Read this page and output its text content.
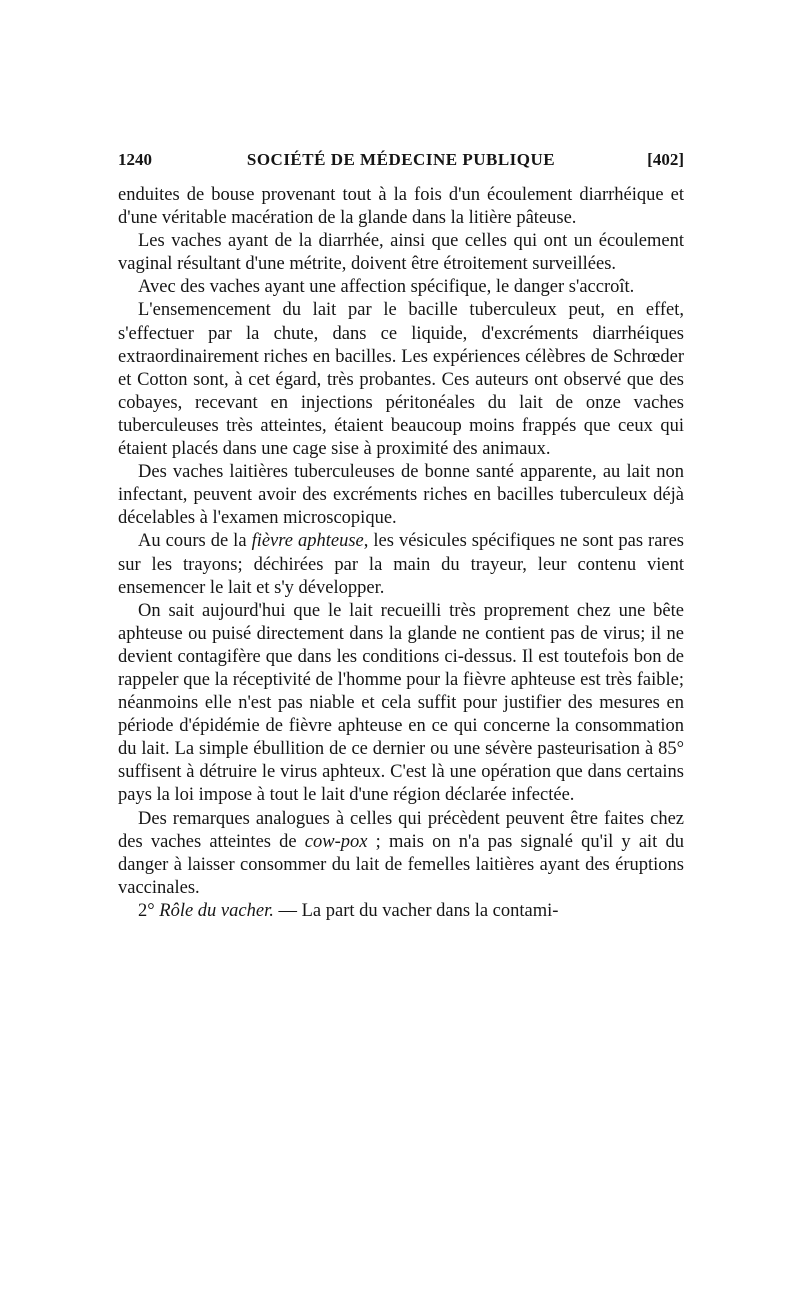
1240	SOCIÉTÉ DE MÉDECINE PUBLIQUE	[402]

enduites de bouse provenant tout à la fois d'un écoulement diarrhéique et d'une véritable macération de la glande dans la litière pâteuse.

Les vaches ayant de la diarrhée, ainsi que celles qui ont un écoulement vaginal résultant d'une métrite, doivent être étroitement surveillées.

Avec des vaches ayant une affection spécifique, le danger s'accroît.

L'ensemencement du lait par le bacille tuberculeux peut, en effet, s'effectuer par la chute, dans ce liquide, d'excréments diarrhéiques extraordinairement riches en bacilles. Les expériences célèbres de Schrœder et Cotton sont, à cet égard, très probantes. Ces auteurs ont observé que des cobayes, recevant en injections péritonéales du lait de onze vaches tuberculeuses très atteintes, étaient beaucoup moins frappés que ceux qui étaient placés dans une cage sise à proximité des animaux.

Des vaches laitières tuberculeuses de bonne santé apparente, au lait non infectant, peuvent avoir des excréments riches en bacilles tuberculeux déjà décelables à l'examen microscopique.

Au cours de la fièvre aphteuse, les vésicules spécifiques ne sont pas rares sur les trayons; déchirées par la main du trayeur, leur contenu vient ensemencer le lait et s'y développer.

On sait aujourd'hui que le lait recueilli très proprement chez une bête aphteuse ou puisé directement dans la glande ne contient pas de virus; il ne devient contagifère que dans les conditions ci-dessus. Il est toutefois bon de rappeler que la réceptivité de l'homme pour la fièvre aphteuse est très faible; néanmoins elle n'est pas niable et cela suffit pour justifier des mesures en période d'épidémie de fièvre aphteuse en ce qui concerne la consommation du lait. La simple ébullition de ce dernier ou une sévère pasteurisation à 85° suffisent à détruire le virus aphteux. C'est là une opération que dans certains pays la loi impose à tout le lait d'une région déclarée infectée.

Des remarques analogues à celles qui précèdent peuvent être faites chez des vaches atteintes de cow-pox ; mais on n'a pas signalé qu'il y ait du danger à laisser consommer du lait de femelles laitières ayant des éruptions vaccinales.

2° Rôle du vacher. — La part du vacher dans la contami-
